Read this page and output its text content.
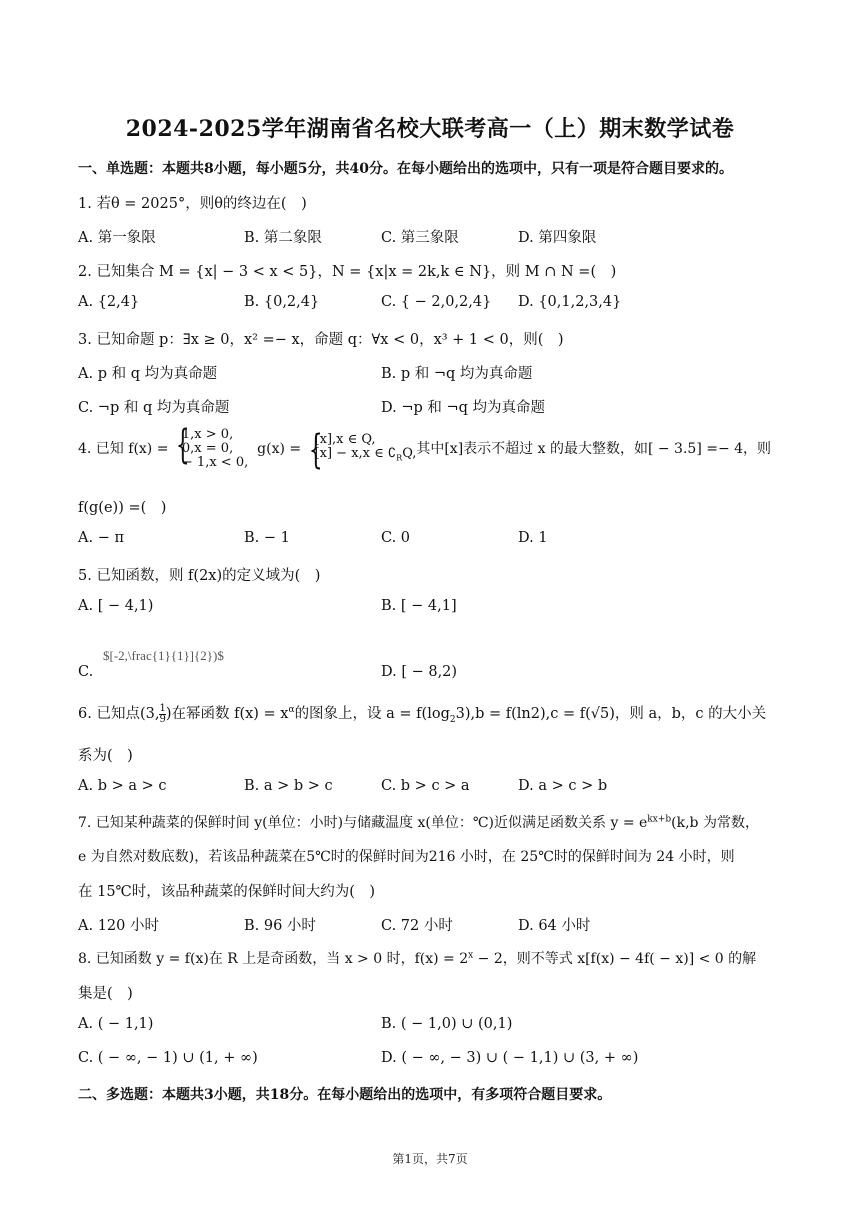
2024-2025学年湖南省名校大联考高一（上）期末数学试卷
一、单选题：本题共8小题，每小题5分，共40分。在每小题给出的选项中，只有一项是符合题目要求的。
1. 若θ = 2025°，则θ的终边在(　)
A. 第一象限	B. 第二象限	C. 第三象限	D. 第四象限
2. 已知集合 M = {x| − 3 < x < 5}，N = {x|x = 2k,k ∈ N}，则 M ∩ N =(　)
A. {2,4}	B. {0,2,4}	C. { − 2,0,2,4} D. {0,1,2,3,4}
3. 已知命题 p：∃x ≥ 0，x² =− x，命题 q：∀x < 0，x³ + 1 < 0，则(　)
A. p 和 q 均为真命题	B. p 和 ¬q 均为真命题
C. ¬p 和 q 均为真命题	D. ¬p 和 ¬q 均为真命题
4. 已知 f(x) =
{ 1,x > 0,
0,x = 0,
− 1,x < 0,
g(x) =
{ [x],x ∈ Q,
[x] − x,x ∈ $∁_RQ$, 其中[x]表示不超过 x 的最大整数，如[ − 3.5] =− 4，则
f(g(e)) =(　)
A. − π	B. − 1	C. 0	D. 1
5. 已知函数，则 f(2x)的定义域为(　)
A. [ − 4,1)	B. [ − 4,1]
C.
$[-2,\frac{1}{1}]{2})$
D. [ − 8,2)
6. 已知点(3, $\frac{1}{9}$ )在幂函数 $f(x) = x^\alpha$的图象上，设 $a = f(\log_23),b = f(\ln 2),c = f(√5)$，则 a，b，c 的大小关
系为(　)
A. b > a > c	B. a > b > c	C. b > c > a	D. a > c > b
7. 已知某种蔬菜的保鲜时间 y(单位：小时)与储藏温度 x(单位：℃)近似满足函数关系 $y = e^{kx+b}(k,b$ 为常数，
e 为自然对数底数)，若该品种蔬菜在5℃时的保鲜时间为216 小时，在 25℃时的保鲜时间为 24 小时，则
在 15℃时，该品种蔬菜的保鲜时间大约为(　)
A. 120 小时	B. 96 小时	C. 72 小时	D. 64 小时
8. 已知函数 y = f(x)在 R 上是奇函数，当 x > 0 时，$f(x) = 2^x - 2$，则不等式 x[f(x) − 4f( − x)] < 0 的解
集是(　)
A. ( − 1,1)	B. ( − 1,0) ∪ (0,1)
C. ( − ∞, − 1) ∪ (1, + ∞)	D. ( − ∞, − 3) ∪ ( − 1,1) ∪ (3, + ∞)
二、多选题：本题共3小题，共18分。在每小题给出的选项中，有多项符合题目要求。
第1页，共7页
